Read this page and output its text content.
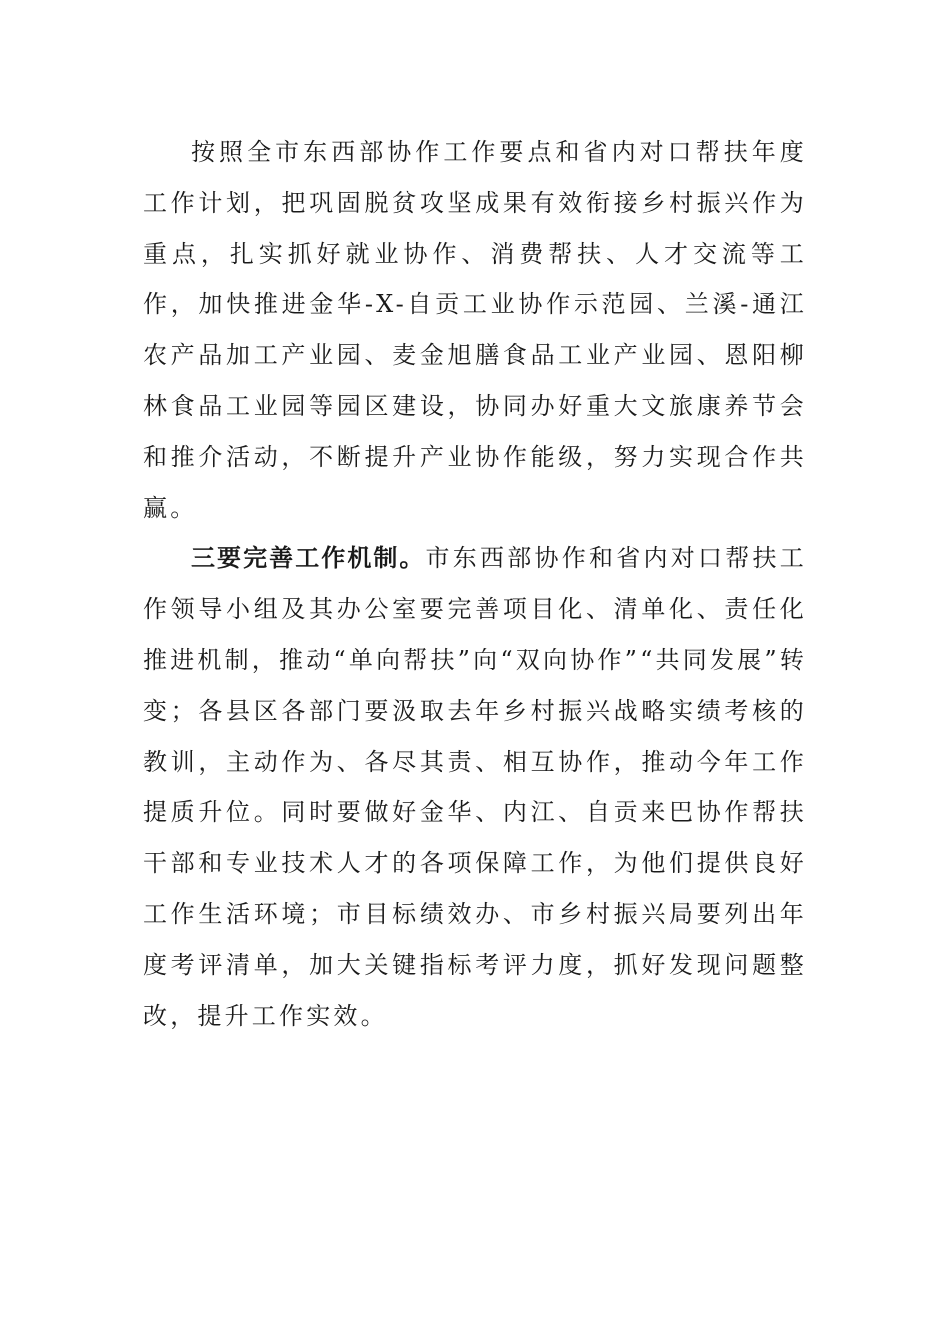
按照全市东西部协作工作要点和省内对口帮扶年度工作计划，把巩固脱贫攻坚成果有效衔接乡村振兴作为重点，扎实抓好就业协作、消费帮扶、人才交流等工作，加快推进金华-X-自贡工业协作示范园、兰溪-通江农产品加工产业园、麦金旭膳食品工业产业园、恩阳柳林食品工业园等园区建设，协同办好重大文旅康养节会和推介活动，不断提升产业协作能级，努力实现合作共赢。

三要完善工作机制。市东西部协作和省内对口帮扶工作领导小组及其办公室要完善项目化、清单化、责任化推进机制，推动“单向帮扶”向“双向协作”“共同发展”转变；各县区各部门要汲取去年乡村振兴战略实绩考核的教训，主动作为、各尽其责、相互协作，推动今年工作提质升位。同时要做好金华、内江、自贡来巴协作帮扶干部和专业技术人才的各项保障工作，为他们提供良好工作生活环境；市目标绩效办、市乡村振兴局要列出年度考评清单，加大关键指标考评力度，抓好发现问题整改，提升工作实效。
